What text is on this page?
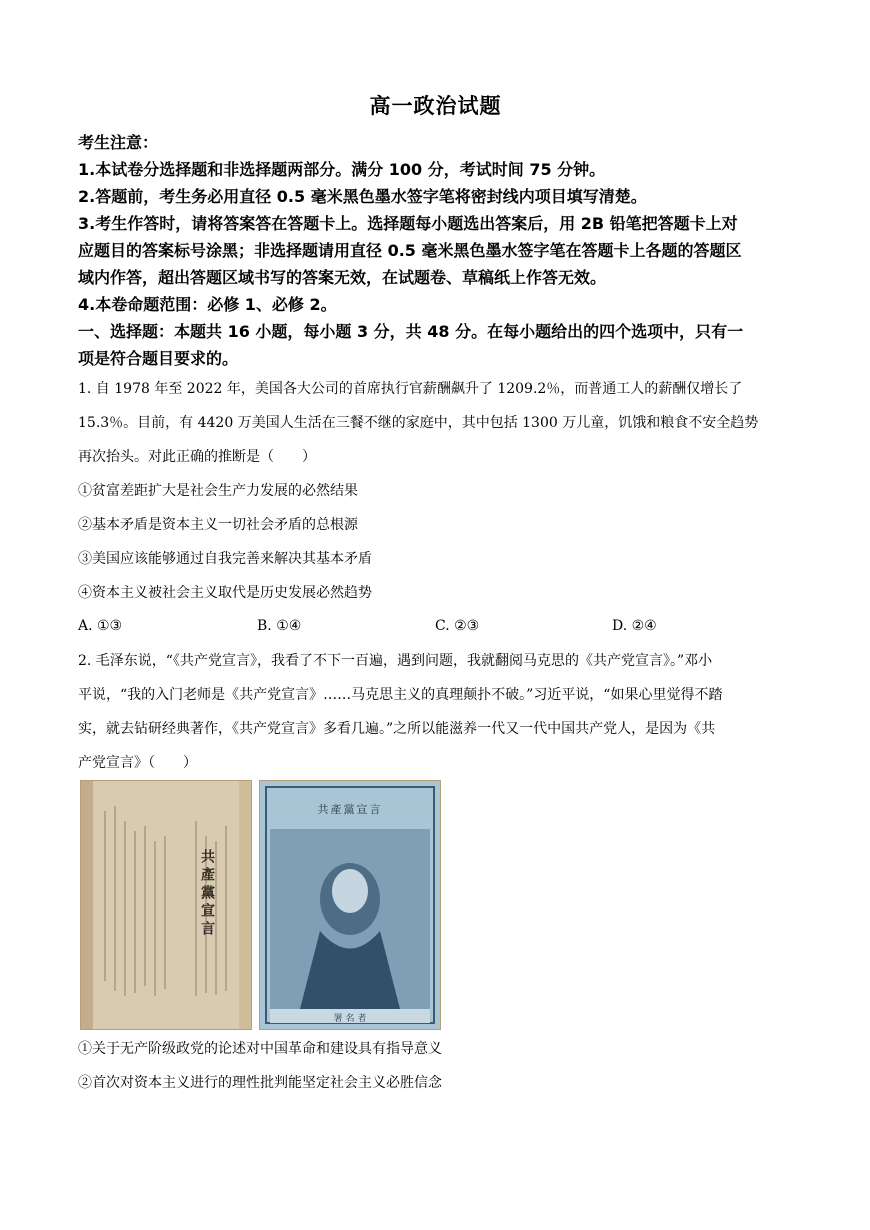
高一政治试题
考生注意：
1.本试卷分选择题和非选择题两部分。满分 100 分，考试时间 75 分钟。
2.答题前，考生务必用直径 0.5 毫米黑色墨水签字笔将密封线内项目填写清楚。
3.考生作答时，请将答案答在答题卡上。选择题每小题选出答案后，用 2B 铅笔把答题卡上对
应题目的答案标号涂黑；非选择题请用直径 0.5 毫米黑色墨水签字笔在答题卡上各题的答题区
域内作答，超出答题区域书写的答案无效，在试题卷、草稿纸上作答无效。
4.本卷命题范围：必修 1、必修 2。
一、选择题：本题共 16 小题，每小题 3 分，共 48 分。在每小题给出的四个选项中，只有一
项是符合题目要求的。
1. 自 1978 年至 2022 年，美国各大公司的首席执行官薪酬飙升了 1209.2％，而普通工人的薪酬仅增长了
15.3％。目前，有 4420 万美国人生活在三餐不继的家庭中，其中包括 1300 万儿童，饥饿和粮食不安全趋势
再次抬头。对此正确的推断是（　　）
①贫富差距扩大是社会生产力发展的必然结果
②基本矛盾是资本主义一切社会矛盾的总根源
③美国应该能够通过自我完善来解决其基本矛盾
④资本主义被社会主义取代是历史发展必然趋势
A. ①③	B. ①④	C. ②③	D. ②④
2. 毛泽东说，“《共产党宣言》，我看了不下一百遍，遇到问题，我就翻阅马克思的《共产党宣言》。”邓小
平说，“我的入门老师是《共产党宣言》……马克思主义的真理颠扑不破。”习近平说，“如果心里觉得不踏
实，就去钻研经典著作，《共产党宣言》多看几遍。”之所以能滋养一代又一代中国共产党人，是因为《共
产党宣言》（　　）
共產黨宣言
共產黨宣言
署 名 者
①关于无产阶级政党的论述对中国革命和建设具有指导意义
②首次对资本主义进行的理性批判能坚定社会主义必胜信念
